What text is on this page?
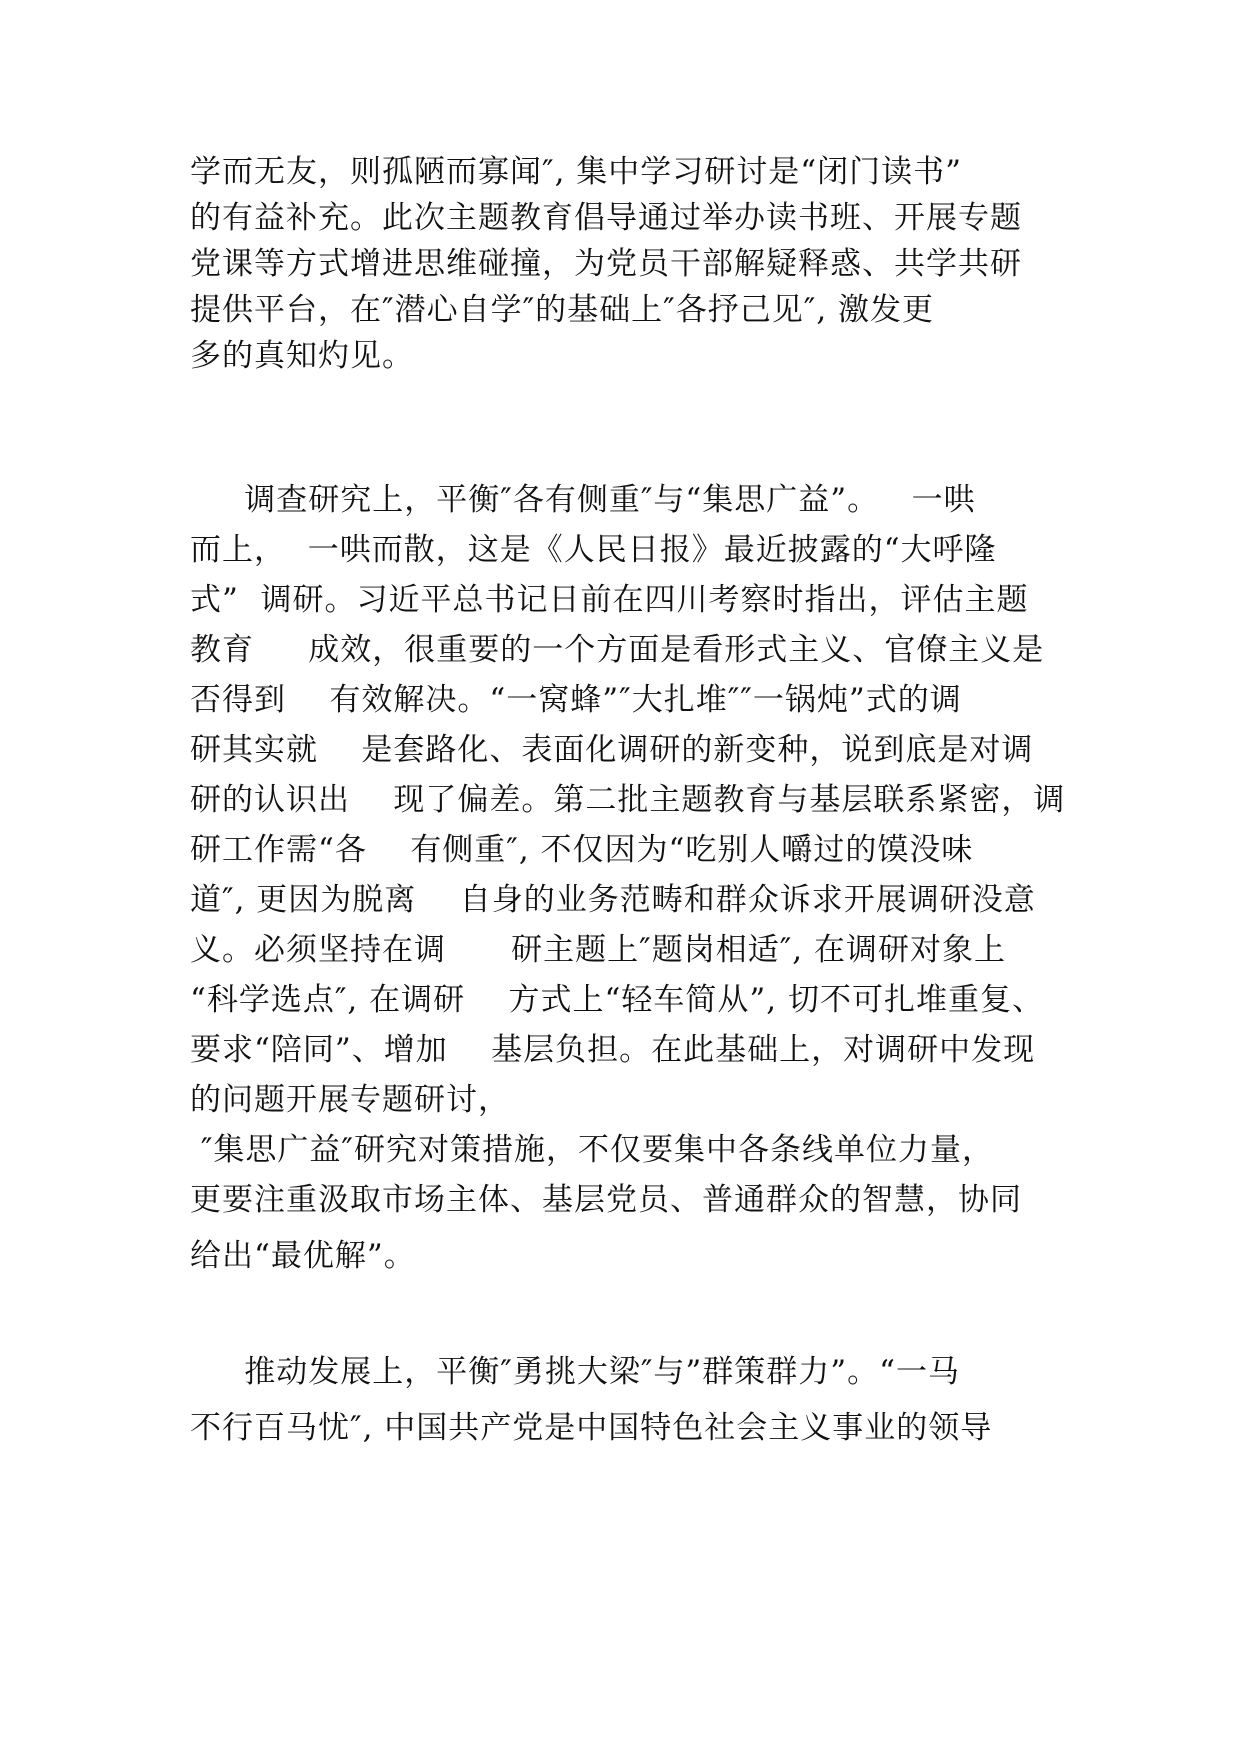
学而无友，则孤陋而寡闻″, 集中学习研讨是“闭门读书”
的有益补充。此次主题教育倡导通过举办读书班、开展专题
党课等方式增进思维碰撞，为党员干部解疑释惑、共学共研
提供平台，在″潜心自学″的基础上″各抒己见″, 激发更
多的真知灼见。
调查研究上，平衡″各有侧重″与“集思广益”。   一哄
而上，  一哄而散，这是《人民日报》最近披露的“大呼隆
式”  调研。习近平总书记日前在四川考察时指出，评估主题
教育     成效，很重要的一个方面是看形式主义、官僚主义是
否得到    有效解决。“一窝蜂”″大扎堆″″一锅炖”式的调
研其实就    是套路化、表面化调研的新变种，说到底是对调
研的认识出    现了偏差。第二批主题教育与基层联系紧密，调
研工作需“各    有侧重″, 不仅因为“吃别人嚼过的馍没味
道″, 更因为脱离    自身的业务范畴和群众诉求开展调研没意
义。必须坚持在调      研主题上″题岗相适″, 在调研对象上
“科学选点″, 在调研    方式上“轻车简从”, 切不可扎堆重复、
要求“陪同”、增加    基层负担。在此基础上，对调研中发现
的问题开展专题研讨，
″集思广益″研究对策措施，不仅要集中各条线单位力量，
更要注重汲取市场主体、基层党员、普通群众的智慧，协同
给出“最优解”。
推动发展上，平衡″勇挑大梁″与”群策群力”。“一马
不行百马忧″, 中国共产党是中国特色社会主义事业的领导
